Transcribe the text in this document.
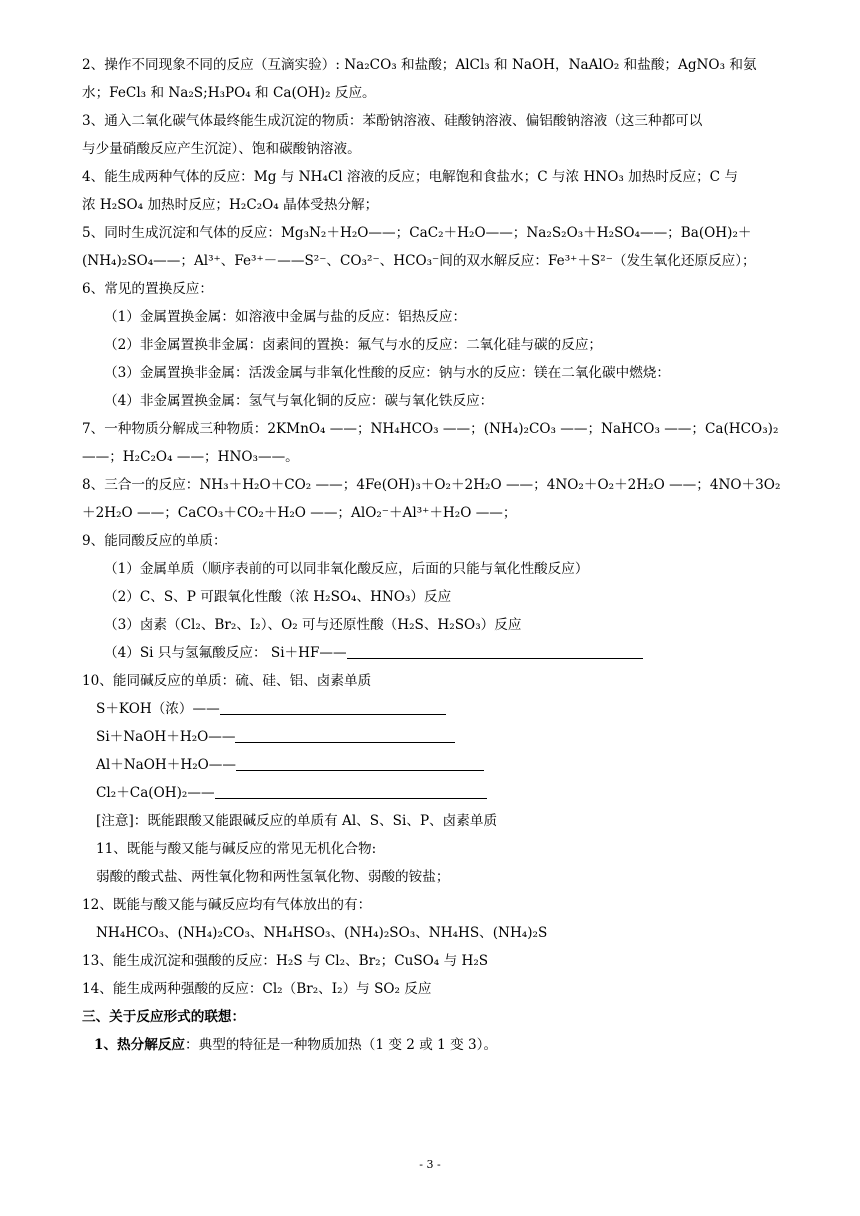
2、操作不同现象不同的反应（互滴实验）: Na₂CO₃ 和盐酸；AlCl₃ 和 NaOH，NaAlO₂ 和盐酸；AgNO₃ 和氨
水；FeCl₃ 和 Na₂S;H₃PO₄ 和 Ca(OH)₂ 反应。
3、通入二氧化碳气体最终能生成沉淀的物质：苯酚钠溶液、硅酸钠溶液、偏铝酸钠溶液（这三种都可以
与少量硝酸反应产生沉淀）、饱和碳酸钠溶液。
4、能生成两种气体的反应：Mg 与 NH₄Cl 溶液的反应；电解饱和食盐水；C 与浓 HNO₃ 加热时反应；C 与
浓 H₂SO₄ 加热时反应；H₂C₂O₄ 晶体受热分解；
5、同时生成沉淀和气体的反应：Mg₃N₂＋H₂O——；CaC₂＋H₂O——；Na₂S₂O₃＋H₂SO₄——；Ba(OH)₂＋
(NH₄)₂SO₄——；Al³⁺、Fe³⁺－——S²⁻、CO₃²⁻、HCO₃⁻间的双水解反应：Fe³⁺＋S²⁻（发生氧化还原反应）；
6、常见的置换反应：
（1）金属置换金属：如溶液中金属与盐的反应：铝热反应：
（2）非金属置换非金属：卤素间的置换：氟气与水的反应：二氧化硅与碳的反应；
（3）金属置换非金属：活泼金属与非氧化性酸的反应：钠与水的反应：镁在二氧化碳中燃烧：
（4）非金属置换金属：氢气与氧化铜的反应：碳与氧化铁反应：
7、一种物质分解成三种物质：2KMnO₄ ——；NH₄HCO₃ ——；(NH₄)₂CO₃ ——；NaHCO₃ ——；Ca(HCO₃)₂
——；H₂C₂O₄ ——；HNO₃——。
8、三合一的反应：NH₃＋H₂O＋CO₂ ——；4Fe(OH)₃＋O₂＋2H₂O ——；4NO₂＋O₂＋2H₂O ——；4NO＋3O₂
＋2H₂O ——；CaCO₃＋CO₂＋H₂O ——；AlO₂⁻＋Al³⁺＋H₂O ——；
9、能同酸反应的单质：
（1）金属单质（顺序表前的可以同非氧化酸反应，后面的只能与氧化性酸反应）
（2）C、S、P 可跟氧化性酸（浓 H₂SO₄、HNO₃）反应
（3）卤素（Cl₂、Br₂、I₂）、O₂ 可与还原性酸（H₂S、H₂SO₃）反应
（4）Si 只与氢氟酸反应： Si＋HF——
10、能同碱反应的单质：硫、硅、铝、卤素单质
S＋KOH（浓）——
Si＋NaOH＋H₂O——
Al＋NaOH＋H₂O——
Cl₂＋Ca(OH)₂——
[注意]：既能跟酸又能跟碱反应的单质有 Al、S、Si、P、卤素单质
11、既能与酸又能与碱反应的常见无机化合物:
弱酸的酸式盐、两性氧化物和两性氢氧化物、弱酸的铵盐；
12、既能与酸又能与碱反应均有气体放出的有：
NH₄HCO₃、(NH₄)₂CO₃、NH₄HSO₃、(NH₄)₂SO₃、NH₄HS、(NH₄)₂S
13、能生成沉淀和强酸的反应：H₂S 与 Cl₂、Br₂；CuSO₄ 与 H₂S
14、能生成两种强酸的反应：Cl₂（Br₂、I₂）与 SO₂ 反应
三、关于反应形式的联想：
1、热分解反应：典型的特征是一种物质加热（1 变 2 或 1 变 3）。
- 3 -
